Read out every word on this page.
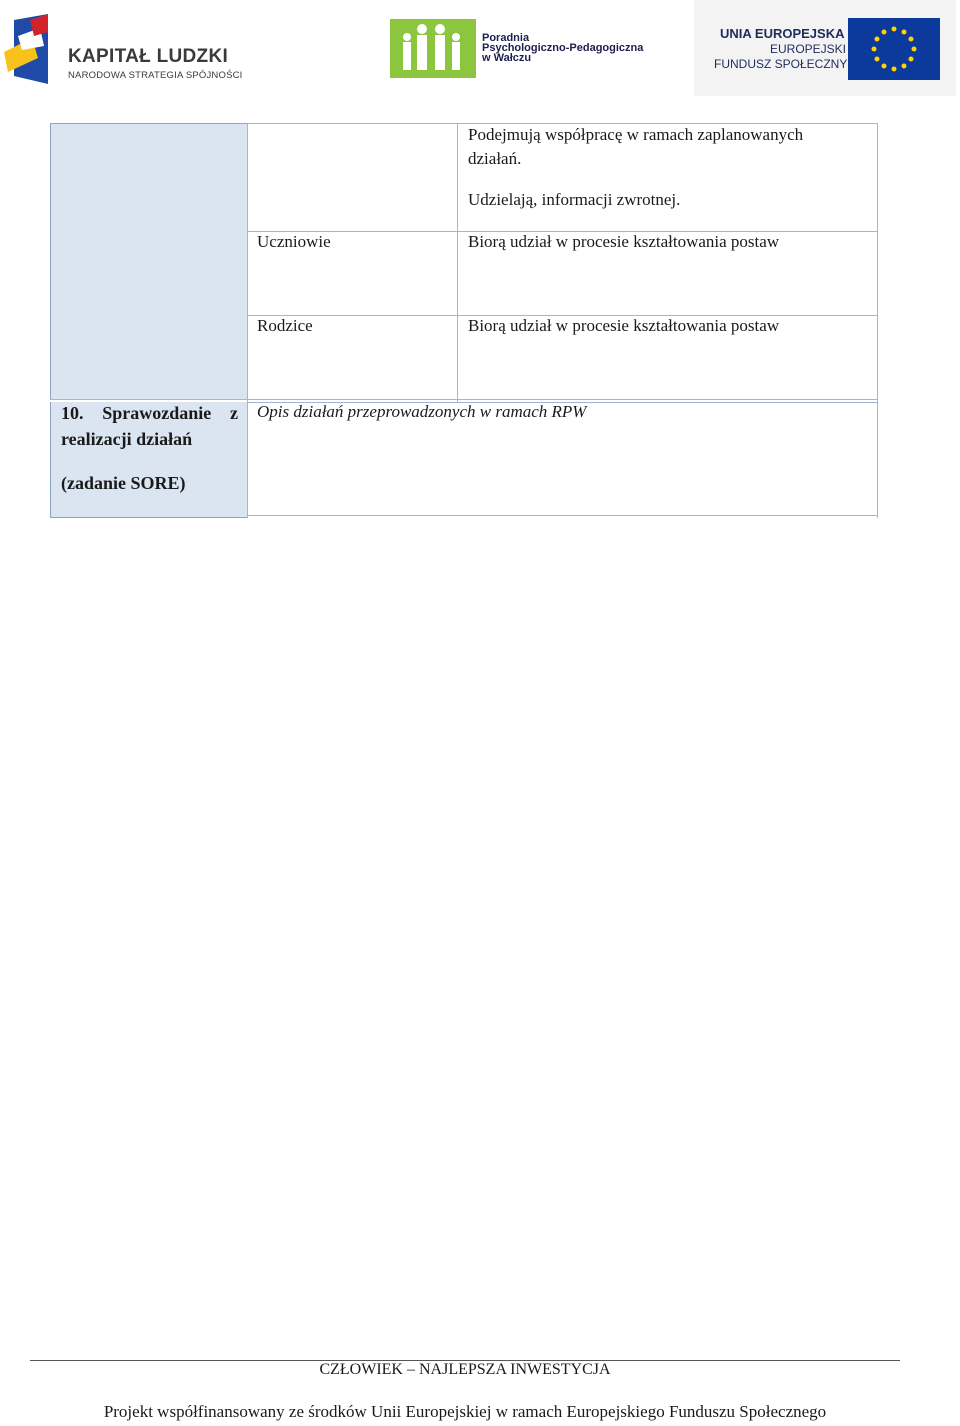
KAPITAŁ LUDZKI
NARODOWA STRATEGIA SPÓJNOŚCI
Poradnia
Psychologiczno-Pedagogiczna
w Wałczu
UNIA EUROPEJSKA
EUROPEJSKI
FUNDUSZ SPOŁECZNY
Podejmują współpracę w ramach zaplanowanych
działań.
Udzielają, informacji zwrotnej.
Uczniowie	Biorą udział w procesie kształtowania postaw
Rodzice	Biorą udział w procesie kształtowania postaw
10. Sprawozdanie z
realizacji działań
(zadanie SORE)
Opis działań przeprowadzonych w ramach RPW
CZŁOWIEK – NAJLEPSZA INWESTYCJA
Projekt współfinansowany ze środków Unii Europejskiej w ramach Europejskiego Funduszu Społecznego
